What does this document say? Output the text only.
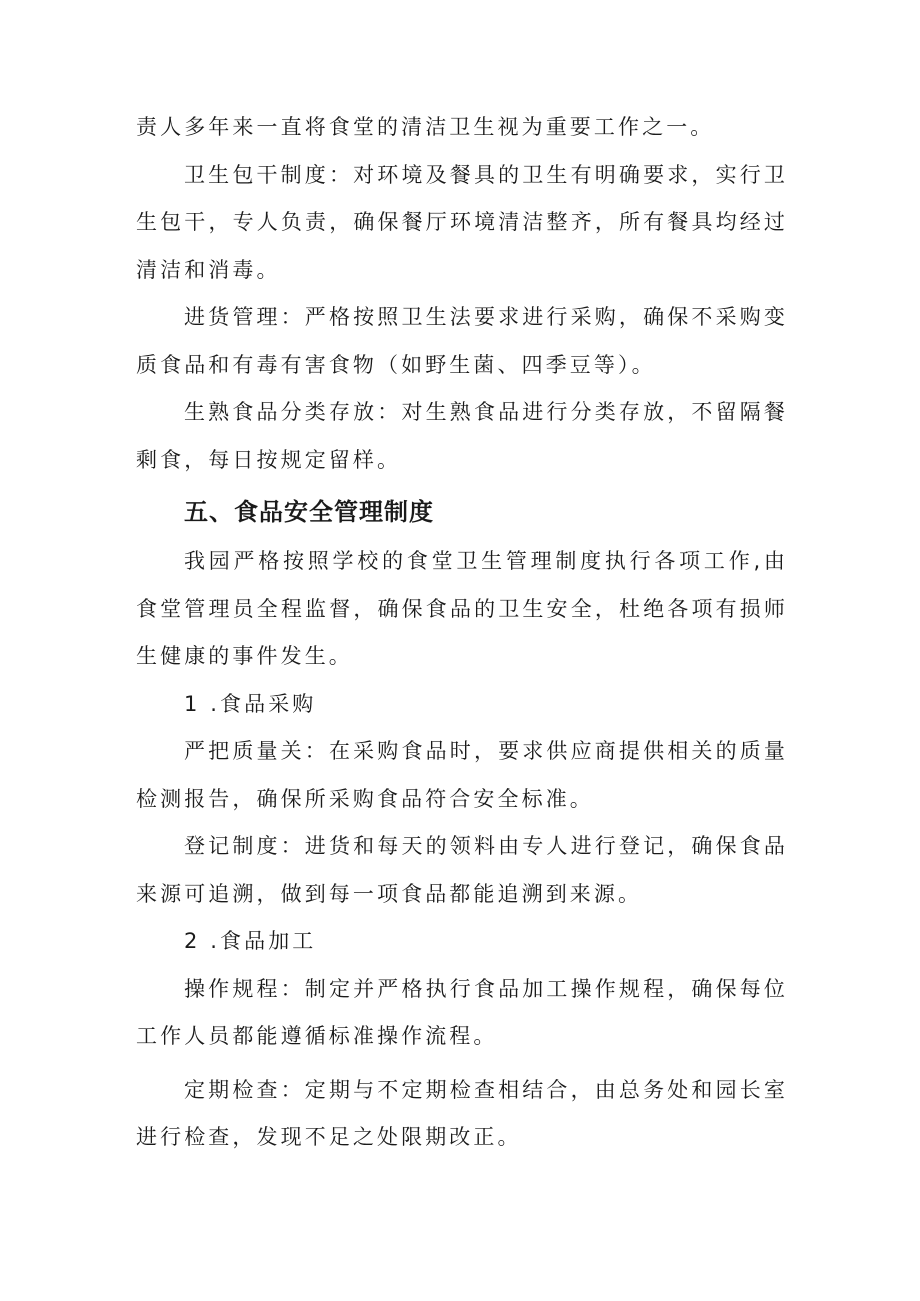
责人多年来一直将食堂的清洁卫生视为重要工作之一。

卫生包干制度：对环境及餐具的卫生有明确要求，实行卫生包干，专人负责，确保餐厅环境清洁整齐，所有餐具均经过清洁和消毒。

进货管理：严格按照卫生法要求进行采购，确保不采购变质食品和有毒有害食物（如野生菌、四季豆等）。

生熟食品分类存放：对生熟食品进行分类存放，不留隔餐剩食，每日按规定留样。

五、食品安全管理制度

我园严格按照学校的食堂卫生管理制度执行各项工作,由食堂管理员全程监督，确保食品的卫生安全，杜绝各项有损师生健康的事件发生。

1 .食品采购

严把质量关：在采购食品时，要求供应商提供相关的质量检测报告，确保所采购食品符合安全标准。

登记制度：进货和每天的领料由专人进行登记，确保食品来源可追溯，做到每一项食品都能追溯到来源。

2 .食品加工

操作规程：制定并严格执行食品加工操作规程，确保每位工作人员都能遵循标准操作流程。

定期检查：定期与不定期检查相结合，由总务处和园长室进行检查，发现不足之处限期改正。
